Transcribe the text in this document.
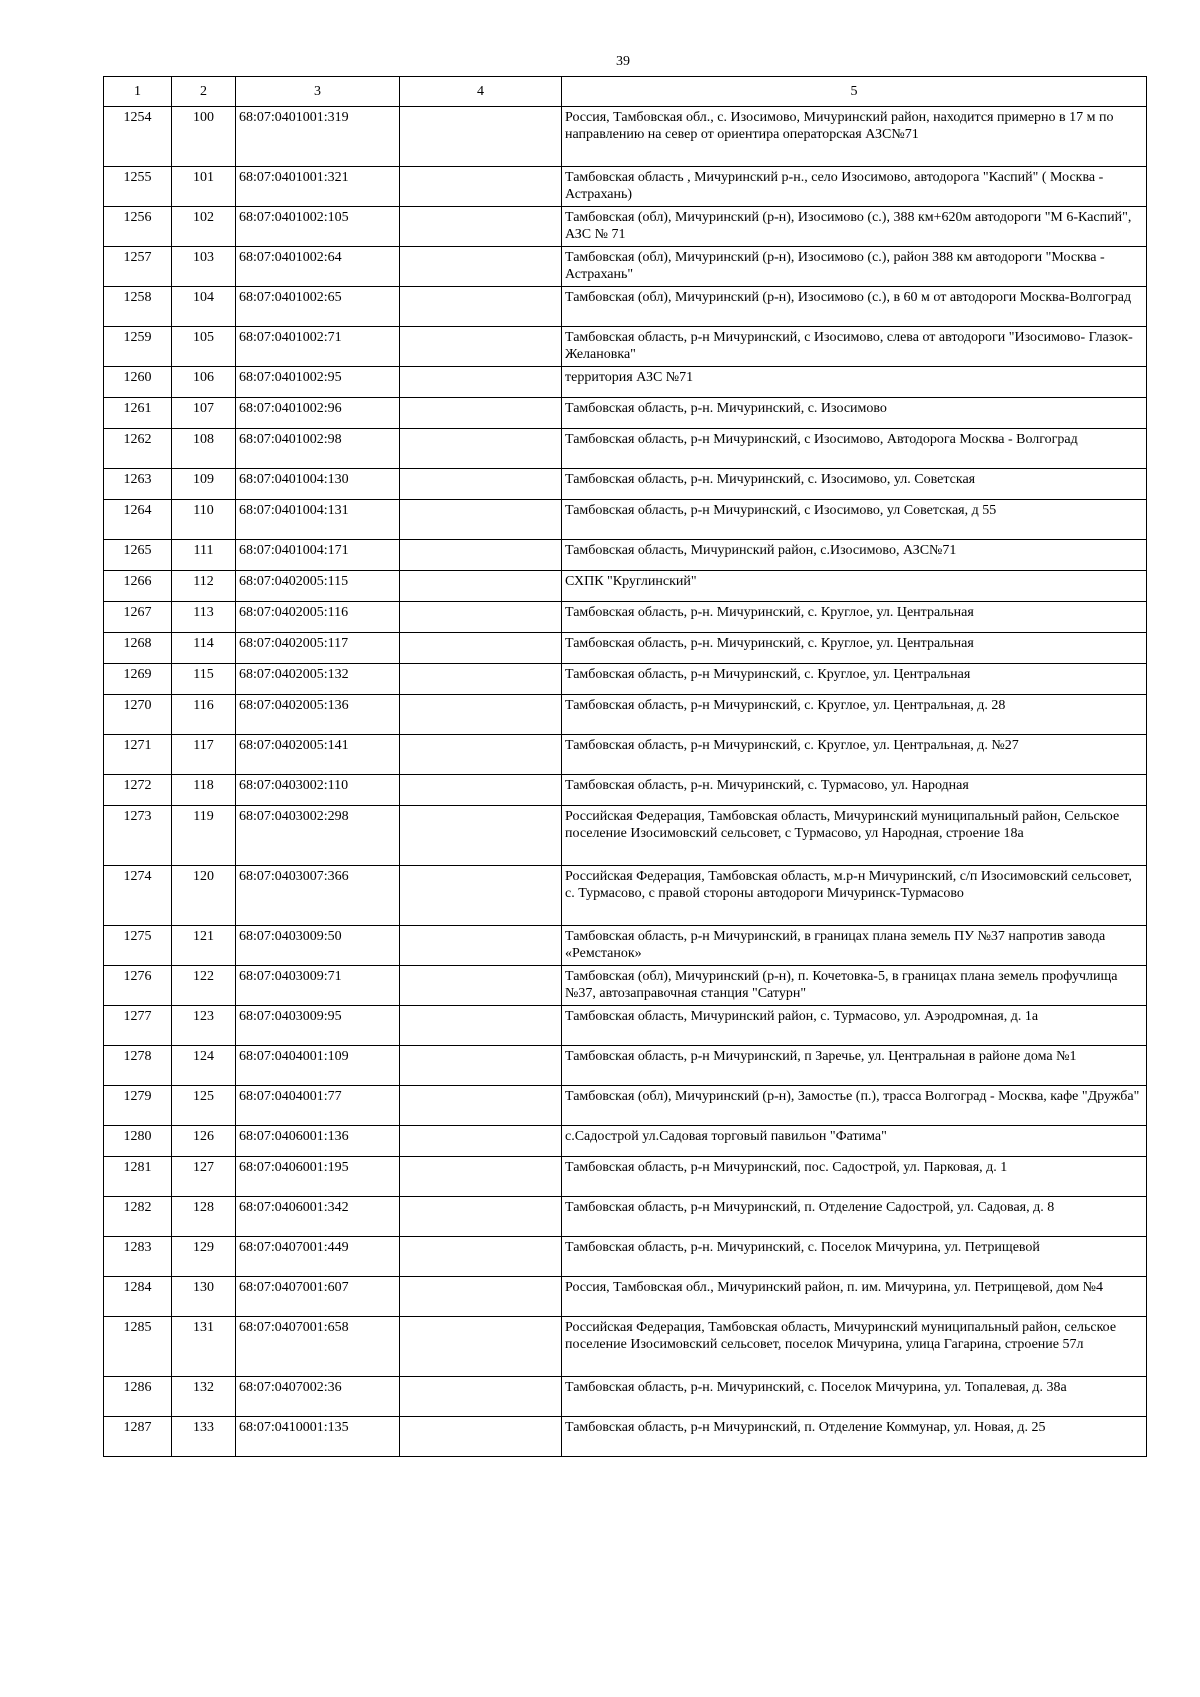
39
1	2	3	4	5
1254	100	68:07:0401001:319		Россия, Тамбовская обл., с. Изосимово, Мичуринский район, находится примерно в 17 м по направлению на север от ориентира операторская АЗС№71
1255	101	68:07:0401001:321		Тамбовская область , Мичуринский р-н., село Изосимово, автодорога "Каспий" ( Москва - Астрахань)
1256	102	68:07:0401002:105		Тамбовская (обл), Мичуринский (р-н), Изосимово (с.), 388 км+620м автодороги "М 6-Каспий", АЗС № 71
1257	103	68:07:0401002:64		Тамбовская (обл), Мичуринский (р-н), Изосимово (с.), район 388 км автодороги "Москва - Астрахань"
1258	104	68:07:0401002:65		Тамбовская (обл), Мичуринский (р-н), Изосимово (с.), в 60 м от автодороги Москва-Волгоград
1259	105	68:07:0401002:71		Тамбовская область, р-н Мичуринский, с Изосимово, слева от автодороги "Изосимово- Глазок- Желановка"
1260	106	68:07:0401002:95		территория АЗС №71
1261	107	68:07:0401002:96		Тамбовская область, р-н. Мичуринский, с. Изосимово
1262	108	68:07:0401002:98		Тамбовская область, р-н Мичуринский, с Изосимово, Автодорога Москва - Волгоград
1263	109	68:07:0401004:130		Тамбовская область, р-н. Мичуринский, с. Изосимово, ул. Советская
1264	110	68:07:0401004:131		Тамбовская область, р-н Мичуринский, с Изосимово, ул Советская, д 55
1265	111	68:07:0401004:171		Тамбовская область, Мичуринский район, с.Изосимово, АЗС№71
1266	112	68:07:0402005:115		СХПК "Круглинский"
1267	113	68:07:0402005:116		Тамбовская область, р-н. Мичуринский, с. Круглое, ул. Центральная
1268	114	68:07:0402005:117		Тамбовская область, р-н. Мичуринский, с. Круглое, ул. Центральная
1269	115	68:07:0402005:132		Тамбовская область, р-н Мичуринский, с. Круглое, ул. Центральная
1270	116	68:07:0402005:136		Тамбовская область, р-н Мичуринский, с. Круглое, ул. Центральная, д. 28
1271	117	68:07:0402005:141		Тамбовская область, р-н Мичуринский, с. Круглое, ул. Центральная, д. №27
1272	118	68:07:0403002:110		Тамбовская область, р-н. Мичуринский, с. Турмасово, ул. Народная
1273	119	68:07:0403002:298		Российская Федерация, Тамбовская область, Мичуринский муниципальный район, Сельское поселение Изосимовский сельсовет, с Турмасово, ул Народная, строение 18а
1274	120	68:07:0403007:366		Российская Федерация, Тамбовская область, м.р-н Мичуринский, с/п Изосимовский сельсовет, с. Турмасово, с правой стороны автодороги Мичуринск-Турмасово
1275	121	68:07:0403009:50		Тамбовская область, р-н Мичуринский, в границах плана земель ПУ №37 напротив завода «Ремстанок»
1276	122	68:07:0403009:71		Тамбовская (обл), Мичуринский (р-н), п. Кочетовка-5, в границах плана земель профучлища №37, автозаправочная станция "Сатурн"
1277	123	68:07:0403009:95		Тамбовская область, Мичуринский район, с. Турмасово, ул. Аэродромная, д. 1а
1278	124	68:07:0404001:109		Тамбовская область, р-н Мичуринский, п Заречье, ул. Центральная в районе дома №1
1279	125	68:07:0404001:77		Тамбовская (обл), Мичуринский (р-н), Замостье (п.), трасса Волгоград - Москва, кафе "Дружба"
1280	126	68:07:0406001:136		с.Садострой ул.Садовая торговый павильон "Фатима"
1281	127	68:07:0406001:195		Тамбовская область, р-н Мичуринский, пос. Садострой, ул. Парковая, д. 1
1282	128	68:07:0406001:342		Тамбовская область, р-н Мичуринский, п. Отделение Садострой, ул. Садовая, д. 8
1283	129	68:07:0407001:449		Тамбовская область, р-н. Мичуринский, с. Поселок Мичурина, ул. Петрищевой
1284	130	68:07:0407001:607		Россия, Тамбовская обл., Мичуринский район, п. им. Мичурина, ул. Петрищевой, дом №4
1285	131	68:07:0407001:658		Российская Федерация, Тамбовская область, Мичуринский муниципальный район, сельское поселение Изосимовский сельсовет, поселок Мичурина, улица Гагарина, строение 57л
1286	132	68:07:0407002:36		Тамбовская область, р-н. Мичуринский, с. Поселок Мичурина, ул. Топалевая, д. 38а
1287	133	68:07:0410001:135		Тамбовская область, р-н Мичуринский, п. Отделение Коммунар, ул. Новая, д. 25
